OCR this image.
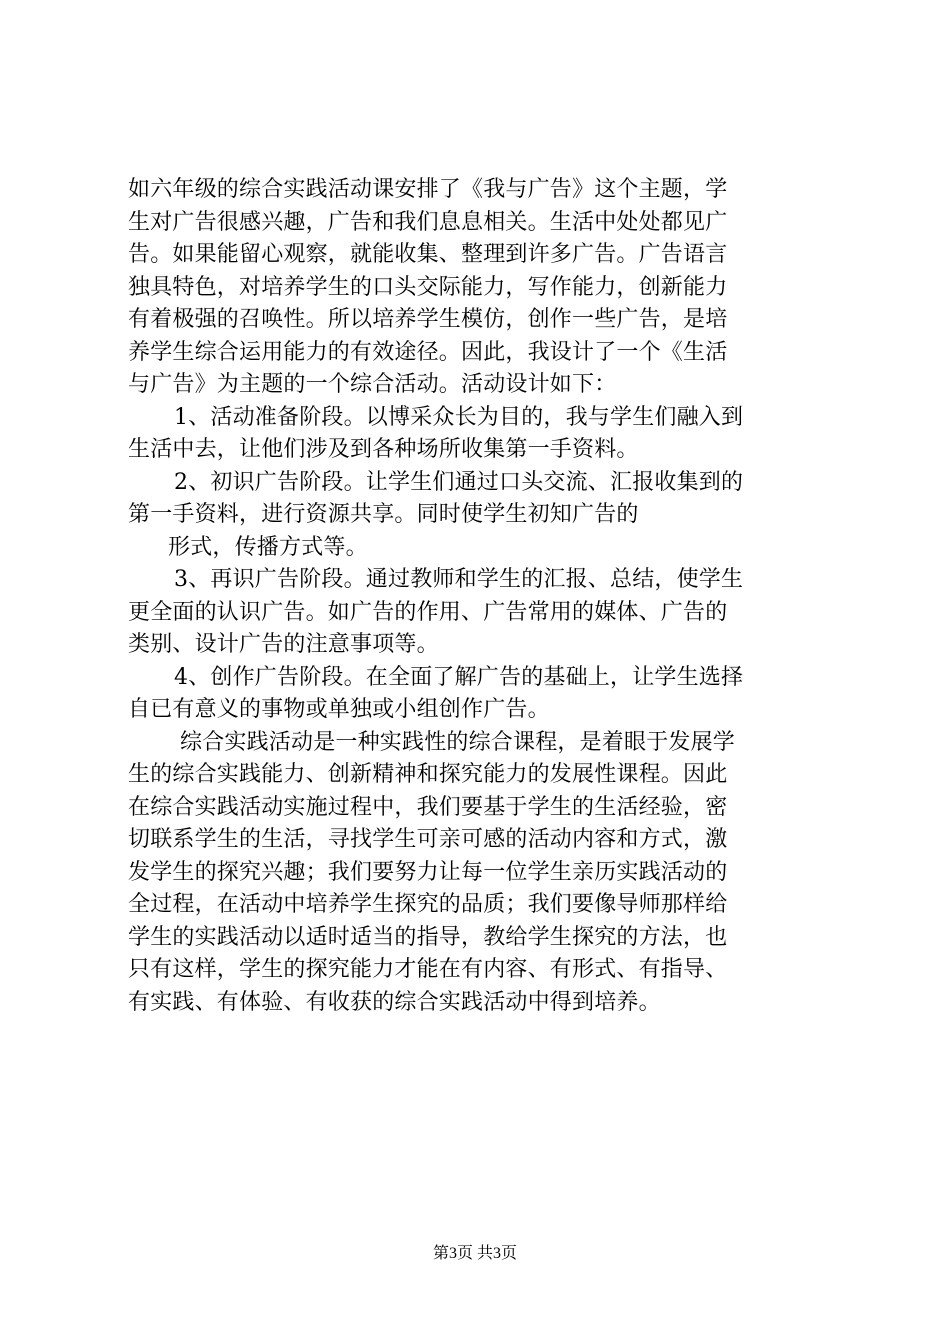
如六年级的综合实践活动课安排了《我与广告》这个主题，学
生对广告很感兴趣，广告和我们息息相关。生活中处处都见广
告。如果能留心观察，就能收集、整理到许多广告。广告语言
独具特色，对培养学生的口头交际能力，写作能力，创新能力
有着极强的召唤性。所以培养学生模仿，创作一些广告，是培
养学生综合运用能力的有效途径。因此，我设计了一个《生活
与广告》为主题的一个综合活动。活动设计如下：
1、活动准备阶段。以博采众长为目的，我与学生们融入到
生活中去，让他们涉及到各种场所收集第一手资料。
2、初识广告阶段。让学生们通过口头交流、汇报收集到的
第一手资料，进行资源共享。同时使学生初知广告的
形式，传播方式等。
3、再识广告阶段。通过教师和学生的汇报、总结，使学生
更全面的认识广告。如广告的作用、广告常用的媒体、广告的
类别、设计广告的注意事项等。
4、创作广告阶段。在全面了解广告的基础上，让学生选择
自已有意义的事物或单独或小组创作广告。
综合实践活动是一种实践性的综合课程，是着眼于发展学
生的综合实践能力、创新精神和探究能力的发展性课程。因此
在综合实践活动实施过程中，我们要基于学生的生活经验，密
切联系学生的生活，寻找学生可亲可感的活动内容和方式，激
发学生的探究兴趣；我们要努力让每一位学生亲历实践活动的
全过程，在活动中培养学生探究的品质；我们要像导师那样给
学生的实践活动以适时适当的指导，教给学生探究的方法，也
只有这样，学生的探究能力才能在有内容、有形式、有指导、
有实践、有体验、有收获的综合实践活动中得到培养。
第3页 共3页
